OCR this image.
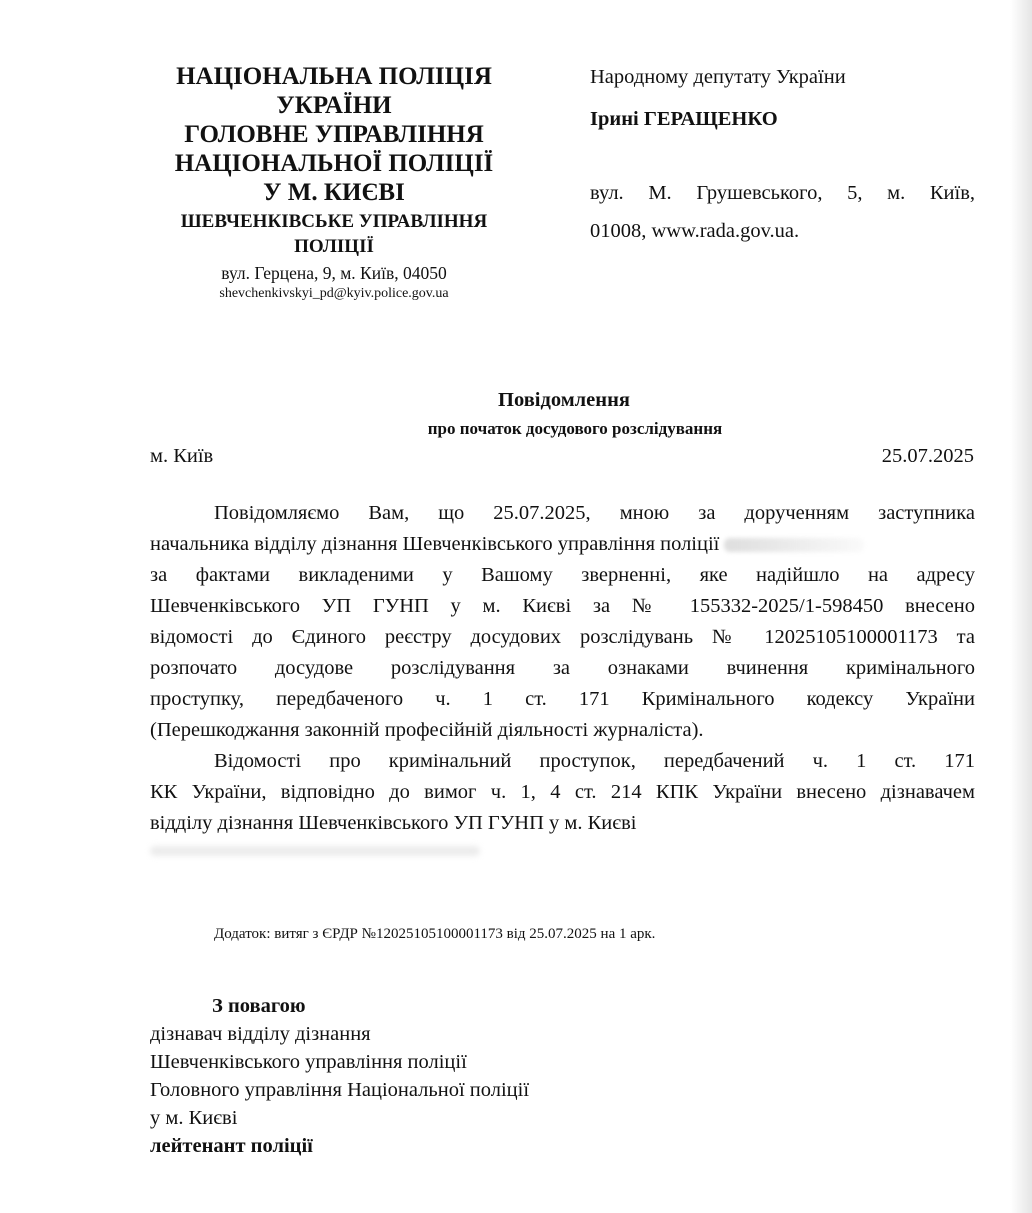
НАЦІОНАЛЬНА ПОЛІЦІЯ
УКРАЇНИ
ГОЛОВНЕ УПРАВЛІННЯ
НАЦІОНАЛЬНОЇ ПОЛІЦІЇ
У М. КИЄВІ
ШЕВЧЕНКІВСЬКЕ УПРАВЛІННЯ
ПОЛІЦІЇ
вул. Герцена, 9, м. Київ, 04050
shevchenkivskyi_pd@kyiv.police.gov.ua
Народному депутату України
Ірині ГЕРАЩЕНКО
вул. М. Грушевського, 5, м. Київ,
01008, www.rada.gov.ua.
Повідомлення
про початок досудового розслідування
м. Київ	25.07.2025
Повідомляємо Вам, що 25.07.2025, мною за дорученням заступника
начальника відділу дізнання Шевченківського управління поліції
за фактами викладеними у Вашому зверненні, яке надійшло на адресу
Шевченківського УП ГУНП у м. Києві за № 155332-2025/1-598450 внесено
відомості до Єдиного реєстру досудових розслідувань № 12025105100001173 та
розпочато досудове розслідування за ознаками вчинення кримінального
проступку, передбаченого ч. 1 ст. 171 Кримінального кодексу України
(Перешкоджання законній професійній діяльності журналіста).
Відомості про кримінальний проступок, передбачений ч. 1 ст. 171
КК України, відповідно до вимог ч. 1, 4 ст. 214 КПК України внесено дізнавачем
відділу дізнання Шевченківського УП ГУНП у м. Києві
Додаток: витяг з ЄРДР №12025105100001173 від 25.07.2025 на 1 арк.
З повагою
дізнавач відділу дізнання
Шевченківського управління поліції
Головного управління Національної поліції
у м. Києві
лейтенант поліції
